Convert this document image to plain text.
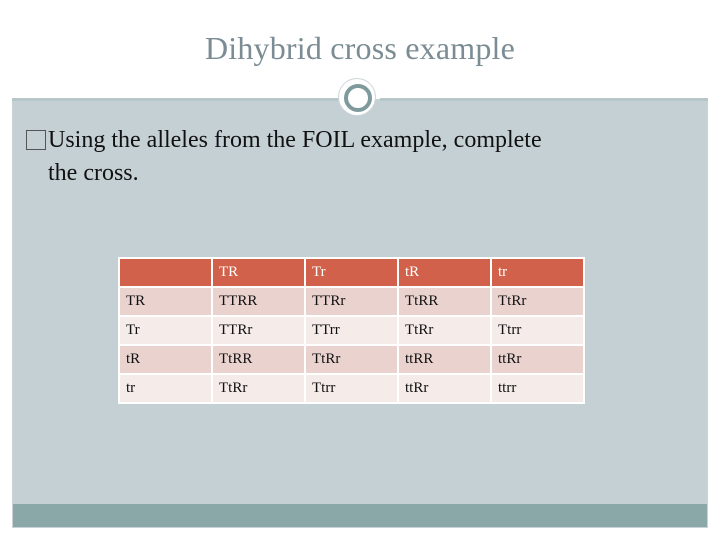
Dihybrid cross example
Using the alleles from the FOIL example, complete
the cross.
	TR	Tr	tR	tr
TR	TTRR	TTRr	TtRR	TtRr
Tr	TTRr	TTrr	TtRr	Ttrr
tR	TtRR	TtRr	ttRR	ttRr
tr	TtRr	Ttrr	ttRr	ttrr
